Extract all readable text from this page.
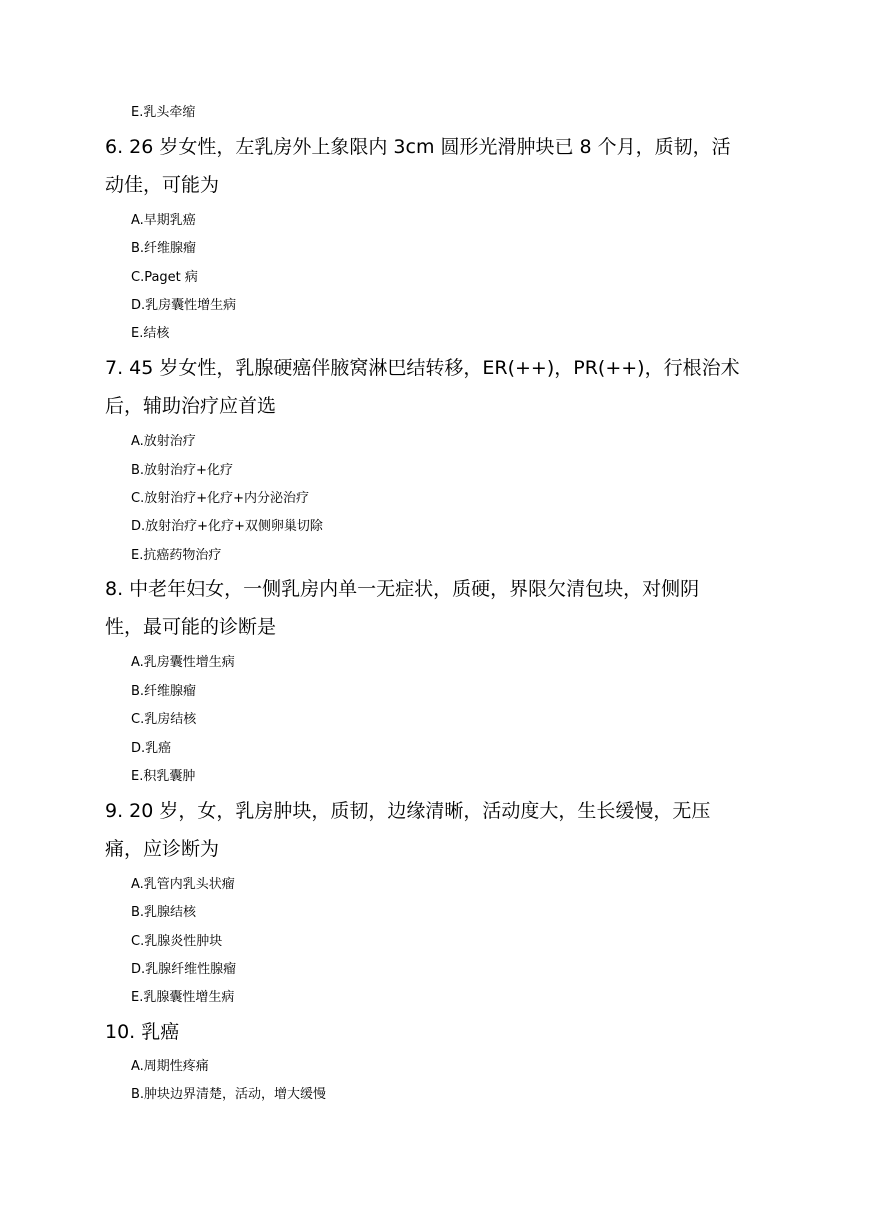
E.乳头牵缩
6. 26 岁女性，左乳房外上象限内 3cm 圆形光滑肿块已 8 个月，质韧，活
动佳，可能为
A.早期乳癌
B.纤维腺瘤
C.Paget 病
D.乳房囊性增生病
E.结核
7. 45 岁女性，乳腺硬癌伴腋窝淋巴结转移，ER(++)，PR(++)，行根治术
后，辅助治疗应首选
A.放射治疗
B.放射治疗+化疗
C.放射治疗+化疗+内分泌治疗
D.放射治疗+化疗+双侧卵巢切除
E.抗癌药物治疗
8. 中老年妇女，一侧乳房内单一无症状，质硬，界限欠清包块，对侧阴
性，最可能的诊断是
A.乳房囊性增生病
B.纤维腺瘤
C.乳房结核
D.乳癌
E.积乳囊肿
9. 20 岁，女，乳房肿块，质韧，边缘清晰，活动度大，生长缓慢，无压
痛，应诊断为
A.乳管内乳头状瘤
B.乳腺结核
C.乳腺炎性肿块
D.乳腺纤维性腺瘤
E.乳腺囊性增生病
10. 乳癌
A.周期性疼痛
B.肿块边界清楚，活动，增大缓慢
